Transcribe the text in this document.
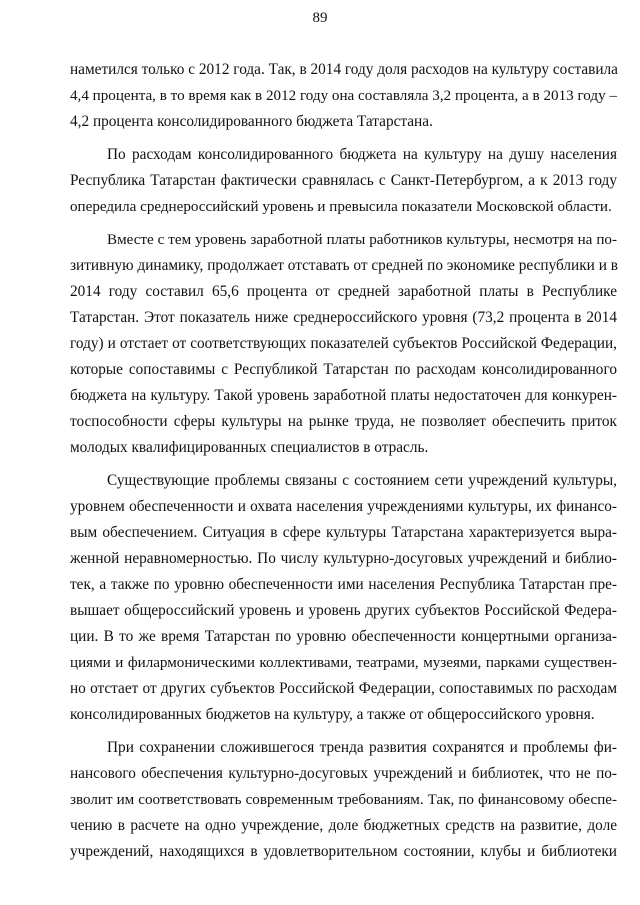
89
наметился только с 2012 года. Так, в 2014 году доля расходов на культуру составила
4,4 процента, в то время как в 2012 году она составляла 3,2 процента, а в 2013 году –
4,2 процента консолидированного бюджета Татарстана.
По расходам консолидированного бюджета на культуру на душу населения
Республика Татарстан фактически сравнялась с Санкт-Петербургом, а к 2013 году
опередила среднероссийский уровень и превысила показатели Московской области.
Вместе с тем уровень заработной платы работников культуры, несмотря на по-
зитивную динамику, продолжает отставать от средней по экономике республики и в
2014 году составил 65,6 процента от средней заработной платы в Республике
Татарстан. Этот показатель ниже среднероссийского уровня (73,2 процента в 2014
году) и отстает от соответствующих показателей субъектов Российской Федерации,
которые сопоставимы с Республикой Татарстан по расходам консолидированного
бюджета на культуру. Такой уровень заработной платы недостаточен для конкурен-
тоспособности сферы культуры на рынке труда, не позволяет обеспечить приток
молодых квалифицированных специалистов в отрасль.
Существующие проблемы связаны с состоянием сети учреждений культуры,
уровнем обеспеченности и охвата населения учреждениями культуры, их финансо-
вым обеспечением. Ситуация в сфере культуры Татарстана характеризуется выра-
женной неравномерностью. По числу культурно-досуговых учреждений и библио-
тек, а также по уровню обеспеченности ими населения Республика Татарстан пре-
вышает общероссийский уровень и уровень других субъектов Российской Федера-
ции. В то же время Татарстан по уровню обеспеченности концертными организа-
циями и филармоническими коллективами, театрами, музеями, парками существен-
но отстает от других субъектов Российской Федерации, сопоставимых по расходам
консолидированных бюджетов на культуру, а также от общероссийского уровня.
При сохранении сложившегося тренда развития сохранятся и проблемы фи-
нансового обеспечения культурно-досуговых учреждений и библиотек, что не по-
зволит им соответствовать современным требованиям. Так, по финансовому обеспе-
чению в расчете на одно учреждение, доле бюджетных средств на развитие, доле
учреждений, находящихся в удовлетворительном состоянии, клубы и библиотеки
